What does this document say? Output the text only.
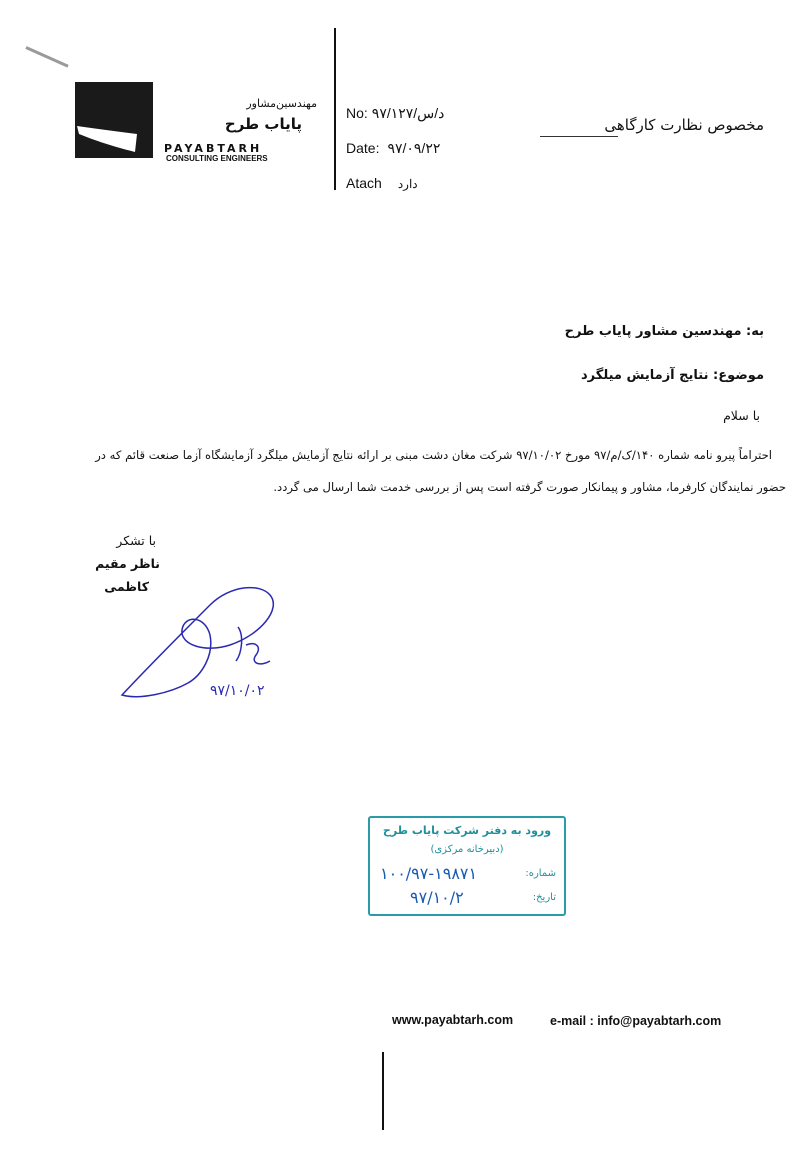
مهندسین‌مشاور
پایاب طرح
PAYABTARH
CONSULTING ENGINEERS
No: ۹۷/د/س/۱۲۷
Date: ۹۷/۰۹/۲۲
Atach دارد
مخصوص نظارت کارگاهی
به: مهندسین مشاور پایاب طرح
موضوع: نتایج آزمایش میلگرد
با سلام
احتراماً پیرو نامه شماره ۱۴۰/ک/م/۹۷ مورخ ۹۷/۱۰/۰۲ شرکت مغان دشت مبنی بر ارائه نتایج آزمایش میلگرد آزمایشگاه آزما صنعت قائم که در
حضور نمایندگان کارفرما، مشاور و پیمانکار صورت گرفته است پس از بررسی خدمت شما ارسال می گردد.
با تشکر
ناظر مقیم
کاظمی
۹۷/۱۰/۰۲
ورود به دفتر شرکت پایاب طرح
(دبیرخانه مرکزی)
شماره:
۱۰۰/۹۷-۱۹۸۷۱
تاریخ:
۹۷/۱۰/۲
www.payabtarh.com	e-mail : info@payabtarh.com
